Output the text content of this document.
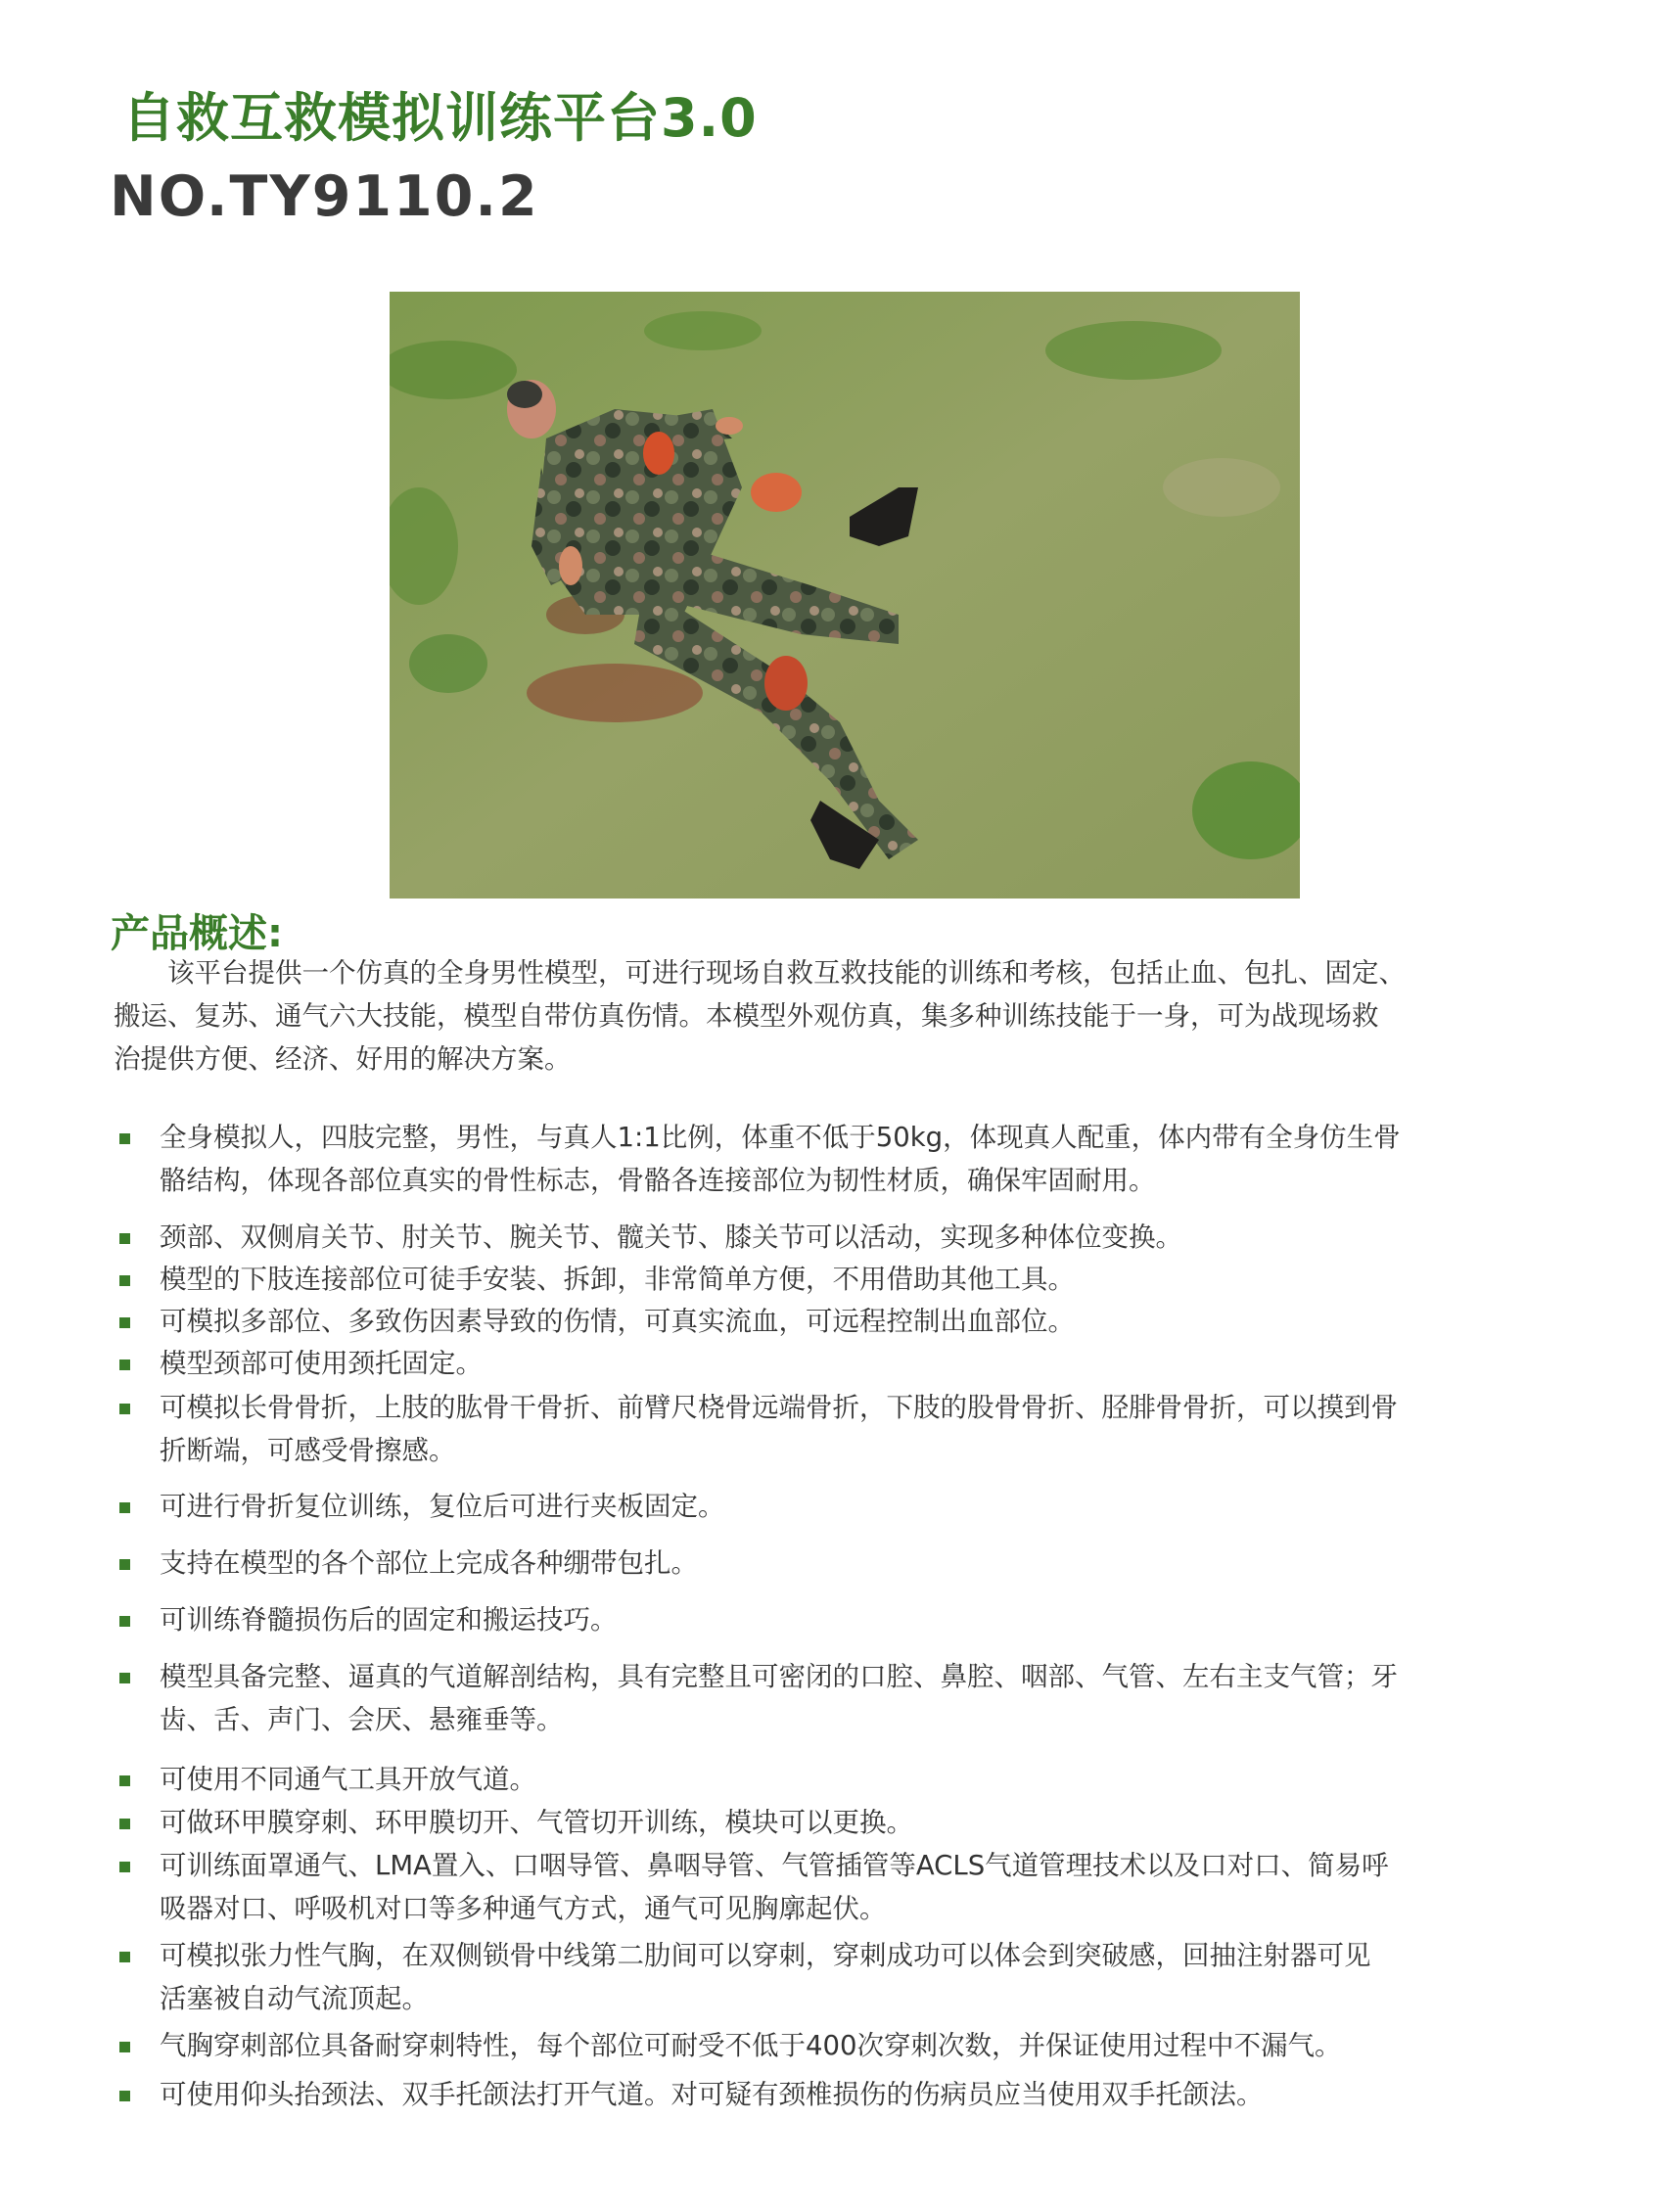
自救互救模拟训练平台3.0
NO.TY9110.2
产品概述:
该平台提供一个仿真的全身男性模型，可进行现场自救互救技能的训练和考核，包括止血、包扎、固定、
搬运、复苏、通气六大技能，模型自带仿真伤情。本模型外观仿真，集多种训练技能于一身，可为战现场救
治提供方便、经济、好用的解决方案。
全身模拟人，四肢完整，男性，与真人1:1比例，体重不低于50kg，体现真人配重，体内带有全身仿生骨
骼结构，体现各部位真实的骨性标志，骨骼各连接部位为韧性材质，确保牢固耐用。
颈部、双侧肩关节、肘关节、腕关节、髋关节、膝关节可以活动，实现多种体位变换。
模型的下肢连接部位可徒手安装、拆卸，非常简单方便，不用借助其他工具。
可模拟多部位、多致伤因素导致的伤情，可真实流血，可远程控制出血部位。
模型颈部可使用颈托固定。
可模拟长骨骨折，上肢的肱骨干骨折、前臂尺桡骨远端骨折，下肢的股骨骨折、胫腓骨骨折，可以摸到骨
折断端，可感受骨擦感。
可进行骨折复位训练，复位后可进行夹板固定。
支持在模型的各个部位上完成各种绷带包扎。
可训练脊髓损伤后的固定和搬运技巧。
模型具备完整、逼真的气道解剖结构，具有完整且可密闭的口腔、鼻腔、咽部、气管、左右主支气管；牙
齿、舌、声门、会厌、悬雍垂等。
可使用不同通气工具开放气道。
可做环甲膜穿刺、环甲膜切开、气管切开训练，模块可以更换。
可训练面罩通气、LMA置入、口咽导管、鼻咽导管、气管插管等ACLS气道管理技术以及口对口、简易呼
吸器对口、呼吸机对口等多种通气方式，通气可见胸廓起伏。
可模拟张力性气胸，在双侧锁骨中线第二肋间可以穿刺，穿刺成功可以体会到突破感，回抽注射器可见
活塞被自动气流顶起。
气胸穿刺部位具备耐穿刺特性，每个部位可耐受不低于400次穿刺次数，并保证使用过程中不漏气。
可使用仰头抬颈法、双手托颌法打开气道。对可疑有颈椎损伤的伤病员应当使用双手托颌法。
